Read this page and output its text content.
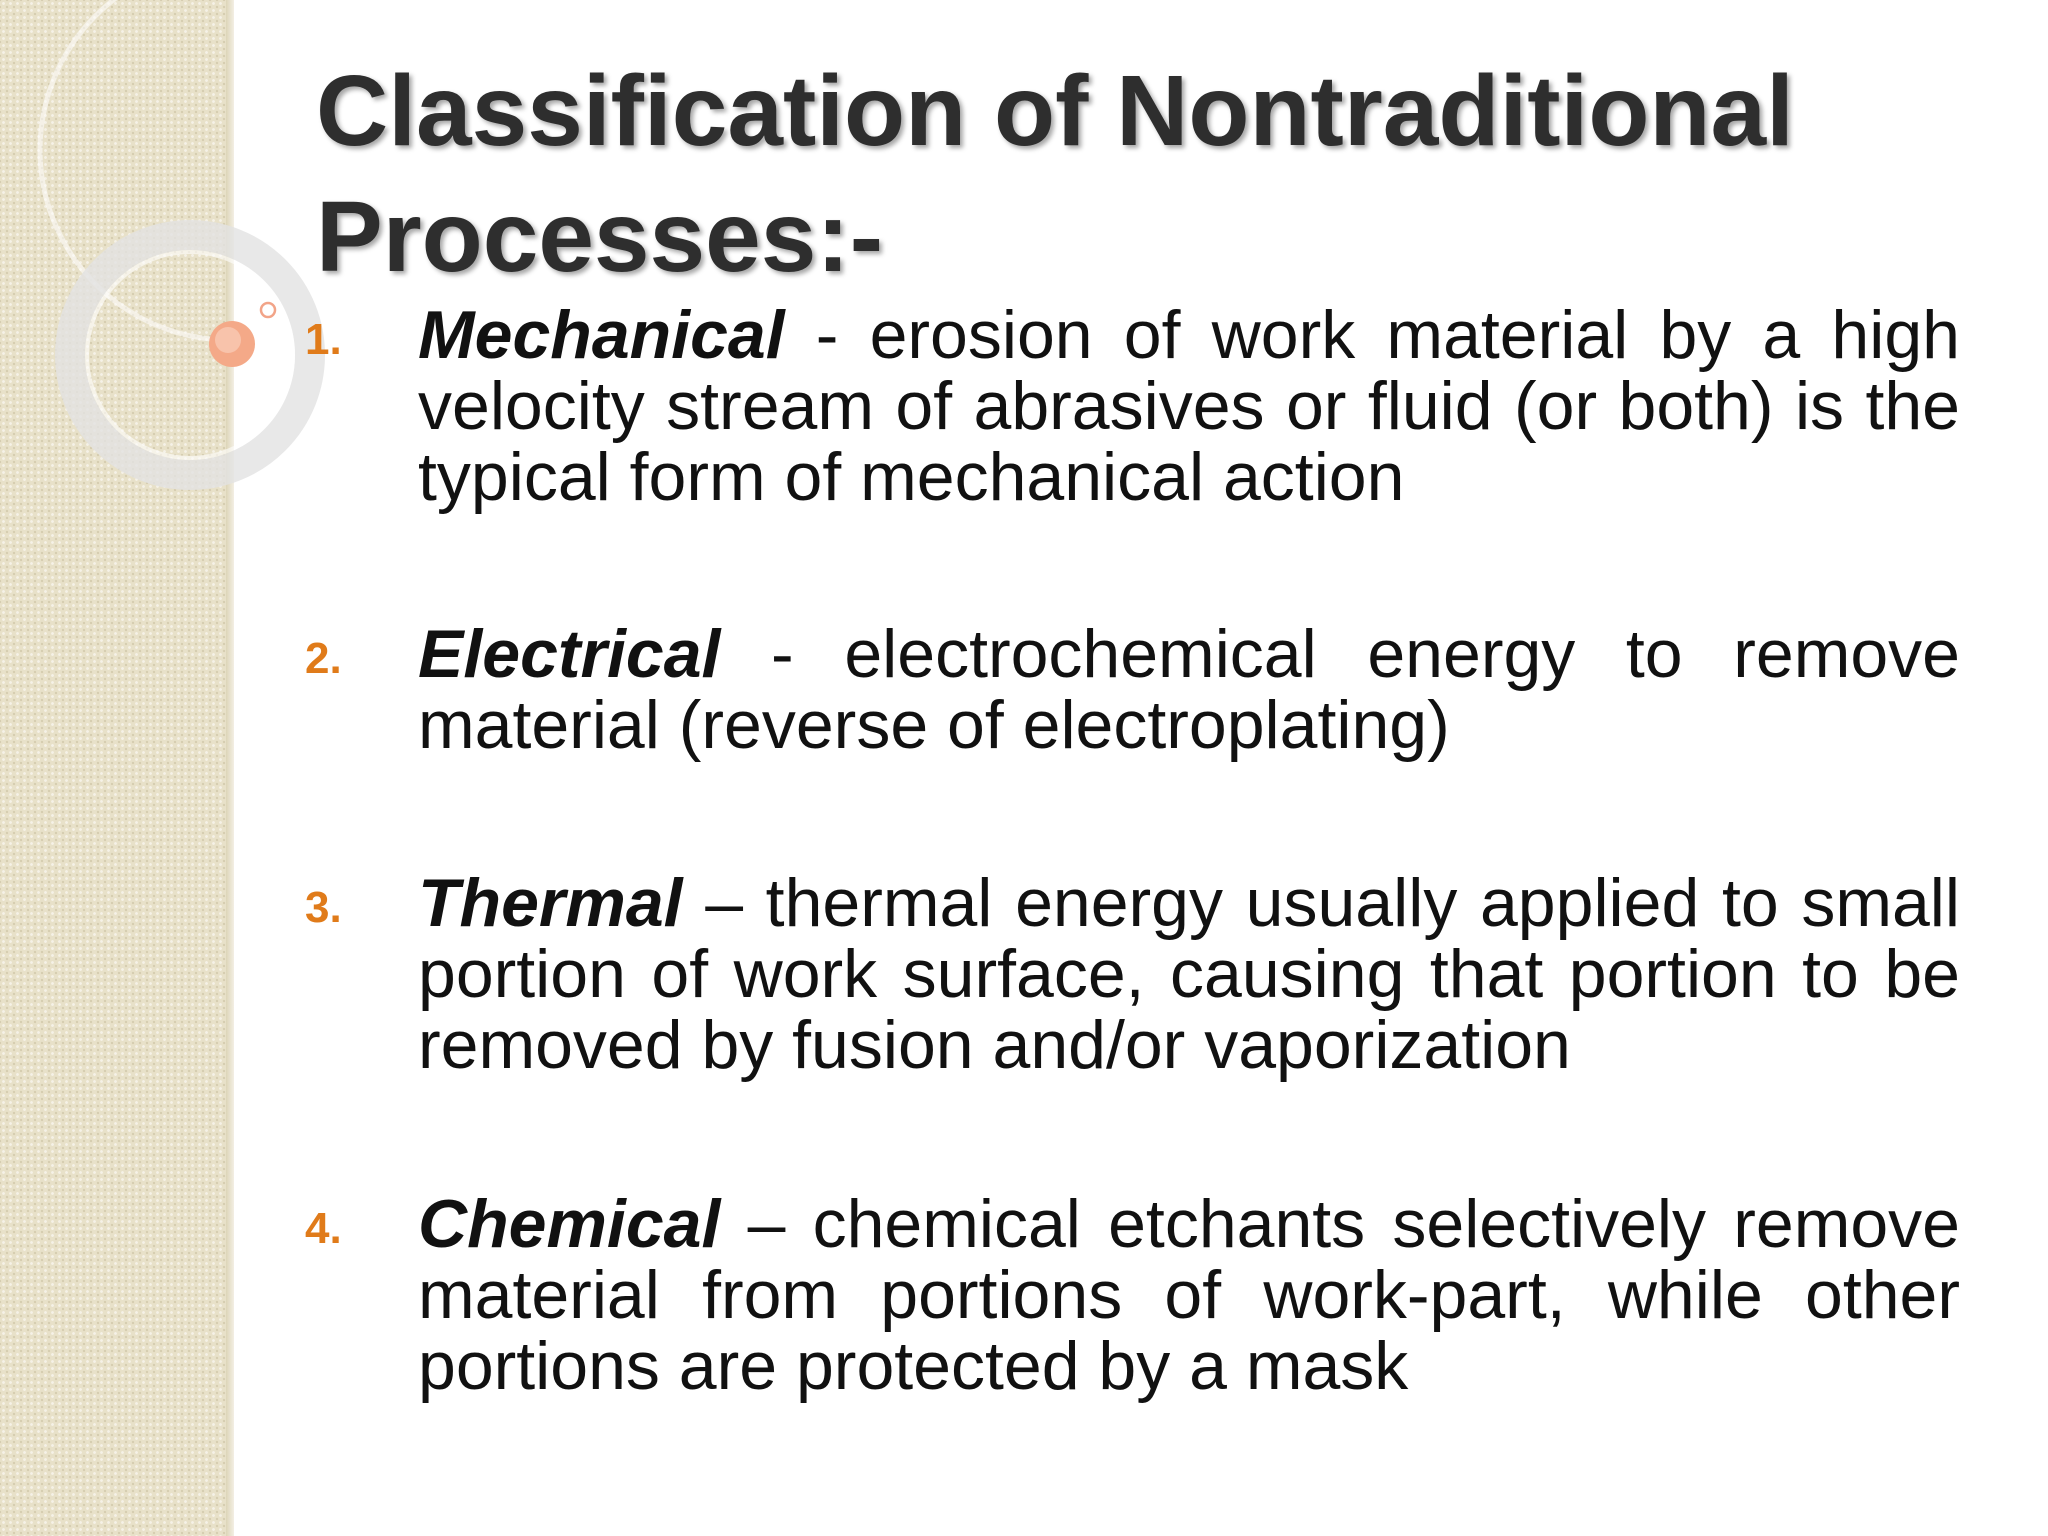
Classification of Nontraditional Processes:-
1. Mechanical - erosion of work material by a high velocity stream of abrasives or fluid (or both) is the typical form of mechanical action

2. Electrical - electrochemical energy to remove material (reverse of electroplating)

3. Thermal – thermal energy usually applied to small portion of work surface, causing that portion to be removed by fusion and/or vaporization

4. Chemical – chemical etchants selectively remove material from portions of work-part, while other portions are protected by a mask
